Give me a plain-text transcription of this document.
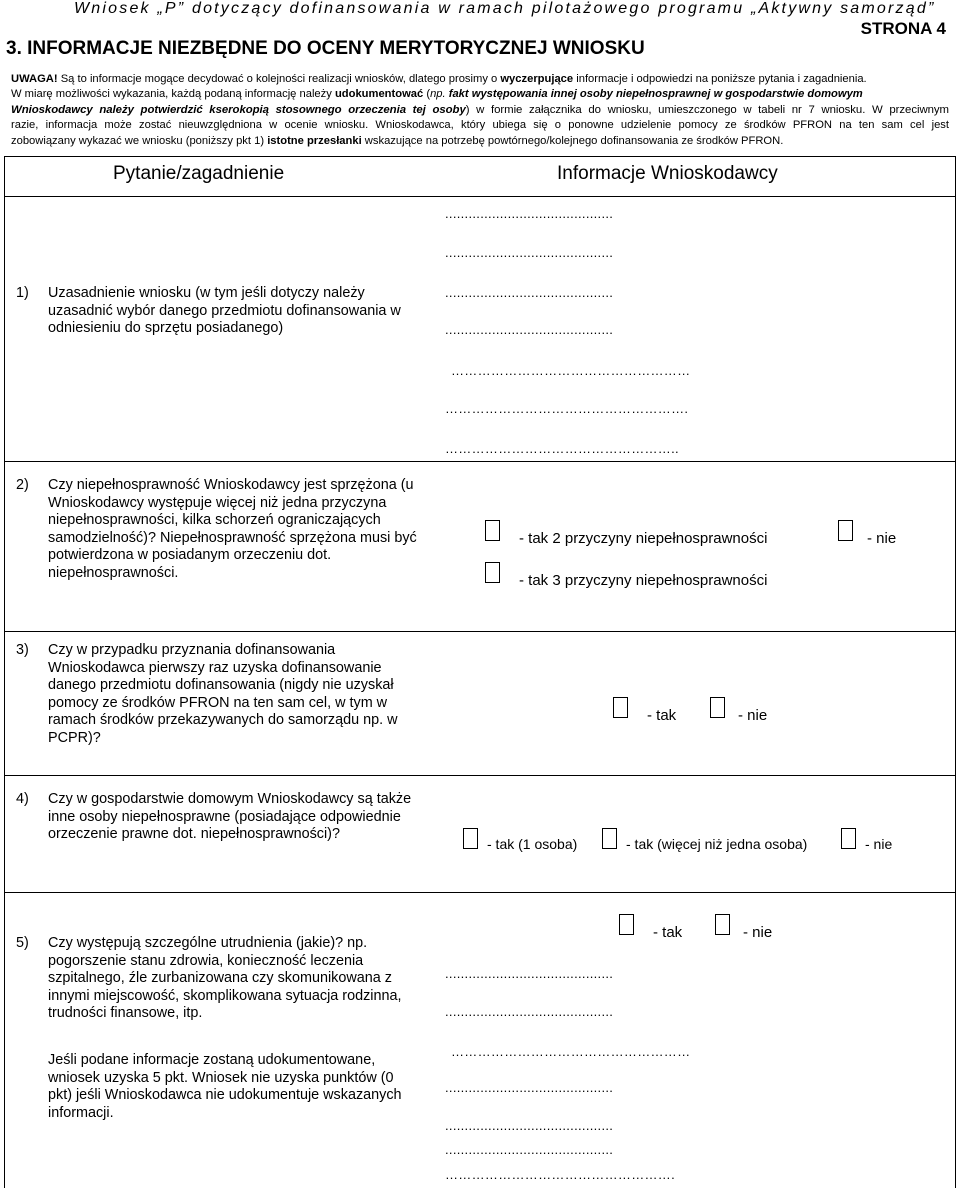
Wniosek „P” dotyczący dofinansowania w ramach pilotażowego programu „Aktywny samorząd”
STRONA 4
3. INFORMACJE NIEZBĘDNE DO OCENY MERYTORYCZNEJ WNIOSKU

UWAGA! Są to informacje mogące decydować o kolejności realizacji wniosków, dlatego prosimy o wyczerpujące informacje i odpowiedzi na poniższe pytania i zagadnienia.

W miarę możliwości wykazania, każdą podaną informację należy udokumentować (np. fakt występowania innej osoby niepełnosprawnej w gospodarstwie domowym

Wnioskodawcy należy potwierdzić kserokopią stosownego orzeczenia tej osoby) w formie załącznika do wniosku, umieszczonego w tabeli nr 7 wniosku. W przeciwnym

razie, informacja może zostać nieuwzględniona w ocenie wniosku. Wnioskodawca, który ubiega się o ponowne udzielenie pomocy ze środków PFRON na ten sam cel jest

zobowiązany wykazać we wniosku (poniższy pkt 1) istotne przesłanki wskazujące na potrzebę powtórnego/kolejnego dofinansowania ze środków PFRON.

Pytanie/zagadnienie	Informacje Wnioskodawcy
1) Uzasadnienie wniosku (w tym jeśli dotyczy należy uzasadnić wybór danego przedmiotu dofinansowania w odniesieniu do sprzętu posiadanego)
...........................................
...........................................
...........................................
...........................................
………………………………………………
……………………………………………….
……………………………………………..
2) Czy niepełnosprawność Wnioskodawcy jest sprzężona (u Wnioskodawcy występuje więcej niż jedna przyczyna niepełnosprawności, kilka schorzeń ograniczających samodzielność)? Niepełnosprawność sprzężona musi być potwierdzona w posiadanym orzeczeniu dot. niepełnosprawności.
- tak 2 przyczyny niepełnosprawności	- nie
- tak 3 przyczyny niepełnosprawności
3) Czy w przypadku przyznania dofinansowania Wnioskodawca pierwszy raz uzyska dofinansowanie danego przedmiotu dofinansowania (nigdy nie uzyskał pomocy ze środków PFRON na ten sam cel, w tym w ramach środków przekazywanych do samorządu np. w PCPR)?
- tak	- nie
4) Czy w gospodarstwie domowym Wnioskodawcy są także inne osoby niepełnosprawne (posiadające odpowiednie orzeczenie prawne dot. niepełnosprawności)?
- tak (1 osoba)	- tak (więcej niż jedna osoba)	- nie
5) Czy występują szczególne utrudnienia (jakie)? np. pogorszenie stanu zdrowia, konieczność leczenia szpitalnego, źle zurbanizowana czy skomunikowana z innymi miejscowość, skomplikowana sytuacja rodzinna, trudności finansowe, itp.
Jeśli podane informacje zostaną udokumentowane, wniosek uzyska 5 pkt. Wniosek nie uzyska punktów (0 pkt) jeśli Wnioskodawca nie udokumentuje wskazanych informacji.
- tak	- nie
...........................................
...........................................
………………………………………………
...........................................
...........................................
...........................................
…………………………………………….
